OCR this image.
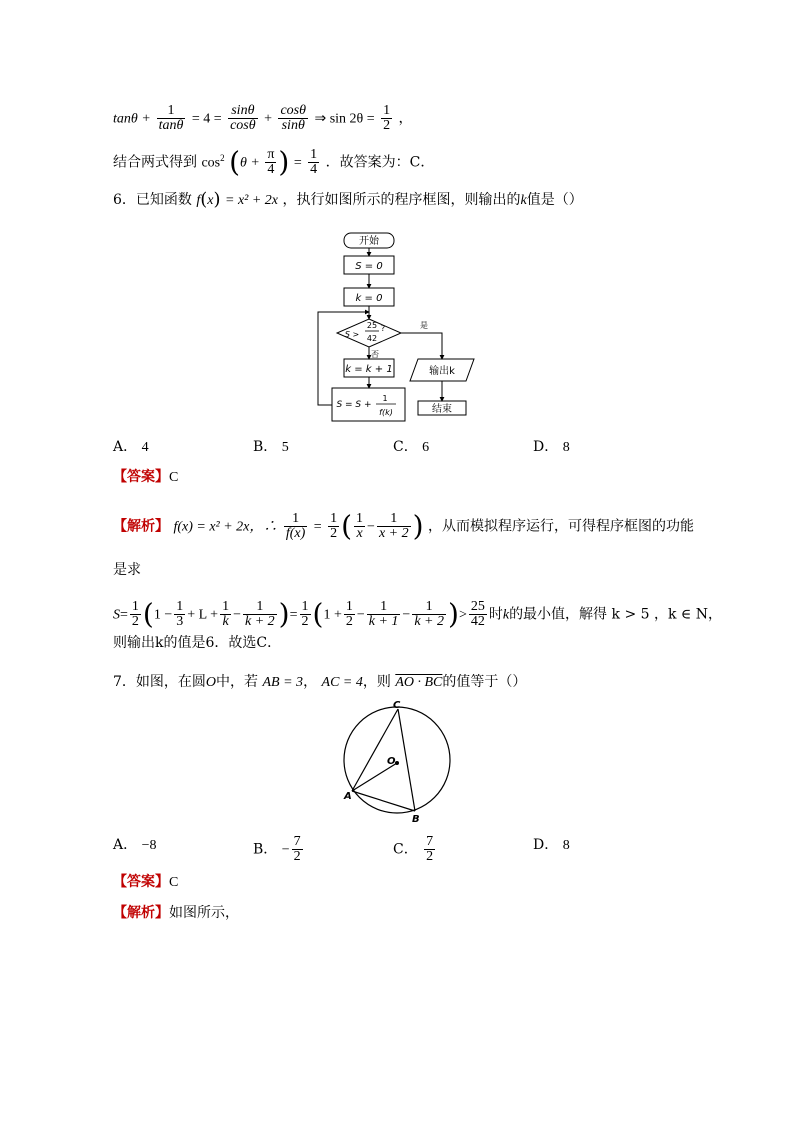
$\tan\theta + \frac{1}{\tan\theta} = 4 = \frac{\sin\theta}{\cos\theta} + \frac{\cos\theta}{\sin\theta}$ ⇒ $\sin 2\theta = \frac{1}{2}$ ，
结合两式得到 $\cos^2 (\theta + \frac{\pi}{4}$ ) = $\frac{1}{4}$ ．故答案为：C．
6．已知函数 f(x) = x² + 2x ，执行如图所示的程序框图，则输出的k值是（）
开始
S = 0
k = 0
S >
25
42
?	是
否
k = k + 1
S = S +
1
f(k)
输出k
结束
A． 4	B． 5	C． 6	D． 8
【答案】C
【解析】 f(x) = x² + 2x，∴ $\frac{1}{f(x)} = \frac{1}{2}$ ( $\frac{1}{x} - \frac{1}{x + 2}$ ) ，从而模拟程序运行，可得程序框图的功能
是求
$S= \frac{1}{2} (1 - \frac{1}{3} + L + \frac{1}{k} - \frac{1}{k + 2}$ )= $\frac{1}{2} (1 + \frac{1}{2} - \frac{1}{k + 1} - \frac{1}{k + 2}$ )> $\frac{25}{42}$ 时k的最小值，解得 k > 5 ，k ∈ N，
则输出k的值是6．故选C．
7．如图，在圆O中，若 AB = 3， AC = 4，则 AO · BC的值等于（）
C
A
B
O
A． −8	B． − $\frac{7}{2}$	C． $\frac{7}{2}$	D． 8
【答案】C
【解析】如图所示，
